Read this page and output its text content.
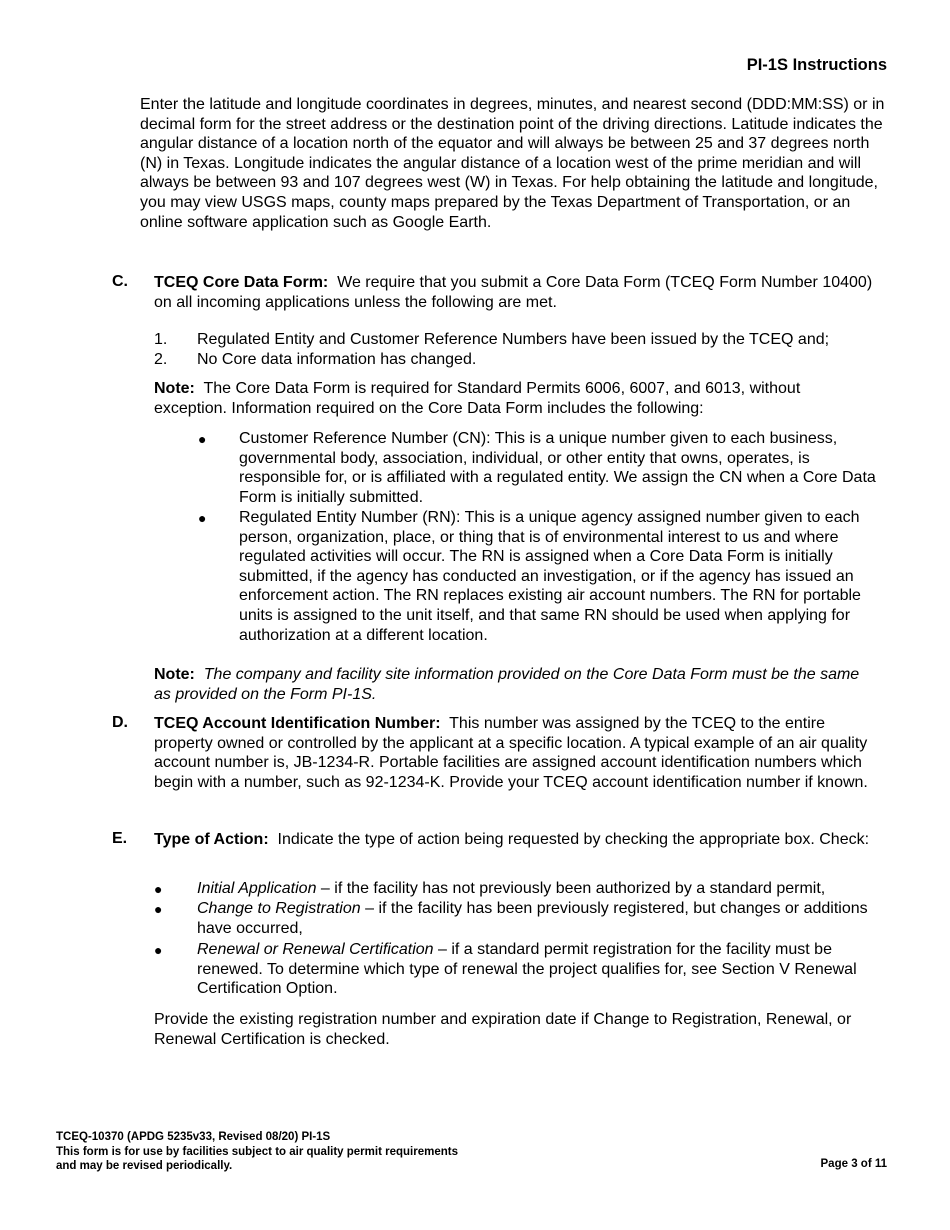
PI-1S Instructions

Enter the latitude and longitude coordinates in degrees, minutes, and nearest second (DDD:MM:SS) or in decimal form for the street address or the destination point of the driving directions. Latitude indicates the angular distance of a location north of the equator and will always be between 25 and 37 degrees north (N) in Texas. Longitude indicates the angular distance of a location west of the prime meridian and will always be between 93 and 107 degrees west (W) in Texas. For help obtaining the latitude and longitude, you may view USGS maps, county maps prepared by the Texas Department of Transportation, or an online software application such as Google Earth.

C. TCEQ Core Data Form: We require that you submit a Core Data Form (TCEQ Form Number 10400) on all incoming applications unless the following are met.
1. Regulated Entity and Customer Reference Numbers have been issued by the TCEQ and;
2. No Core data information has changed.
Note: The Core Data Form is required for Standard Permits 6006, 6007, and 6013, without exception. Information required on the Core Data Form includes the following:
● Customer Reference Number (CN): This is a unique number given to each business, governmental body, association, individual, or other entity that owns, operates, is responsible for, or is affiliated with a regulated entity. We assign the CN when a Core Data Form is initially submitted.
● Regulated Entity Number (RN): This is a unique agency assigned number given to each person, organization, place, or thing that is of environmental interest to us and where regulated activities will occur. The RN is assigned when a Core Data Form is initially submitted, if the agency has conducted an investigation, or if the agency has issued an enforcement action. The RN replaces existing air account numbers. The RN for portable units is assigned to the unit itself, and that same RN should be used when applying for authorization at a different location.
Note: The company and facility site information provided on the Core Data Form must be the same as provided on the Form PI-1S.
D. TCEQ Account Identification Number: This number was assigned by the TCEQ to the entire property owned or controlled by the applicant at a specific location. A typical example of an air quality account number is, JB-1234-R. Portable facilities are assigned account identification numbers which begin with a number, such as 92-1234-K. Provide your TCEQ account identification number if known.
E. Type of Action: Indicate the type of action being requested by checking the appropriate box. Check:
● Initial Application – if the facility has not previously been authorized by a standard permit,
● Change to Registration – if the facility has been previously registered, but changes or additions have occurred,
● Renewal or Renewal Certification – if a standard permit registration for the facility must be renewed. To determine which type of renewal the project qualifies for, see Section V Renewal Certification Option.
Provide the existing registration number and expiration date if Change to Registration, Renewal, or Renewal Certification is checked.
TCEQ-10370 (APDG 5235v33, Revised 08/20) PI-1S
This form is for use by facilities subject to air quality permit requirements
and may be revised periodically.	Page 3 of 11
